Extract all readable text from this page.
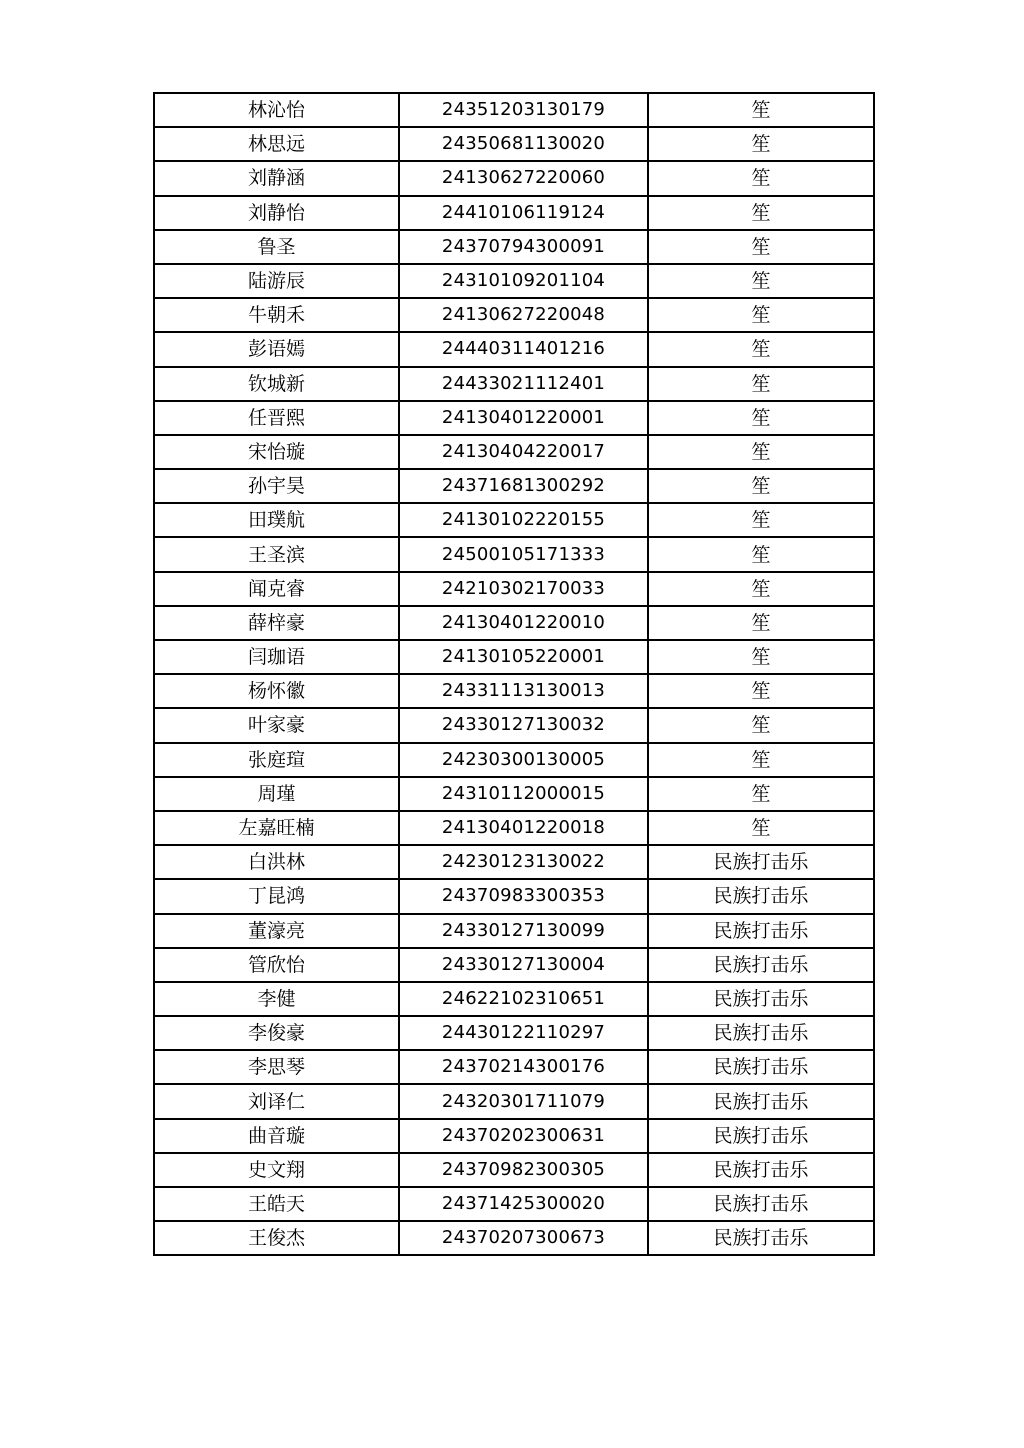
林沁怡	24351203130179	笙
林思远	24350681130020	笙
刘静涵	24130627220060	笙
刘静怡	24410106119124	笙
鲁圣	24370794300091	笙
陆游辰	24310109201104	笙
牛朝禾	24130627220048	笙
彭语嫣	24440311401216	笙
钦城新	24433021112401	笙
任晋熙	24130401220001	笙
宋怡璇	24130404220017	笙
孙宇昊	24371681300292	笙
田璞航	24130102220155	笙
王圣滨	24500105171333	笙
闻克睿	24210302170033	笙
薛梓豪	24130401220010	笙
闫珈语	24130105220001	笙
杨怀徽	24331113130013	笙
叶家豪	24330127130032	笙
张庭瑄	24230300130005	笙
周瑾	24310112000015	笙
左嘉旺楠	24130401220018	笙
白洪林	24230123130022	民族打击乐
丁昆鸿	24370983300353	民族打击乐
董濠亮	24330127130099	民族打击乐
管欣怡	24330127130004	民族打击乐
李健	24622102310651	民族打击乐
李俊豪	24430122110297	民族打击乐
李思琴	24370214300176	民族打击乐
刘译仁	24320301711079	民族打击乐
曲音璇	24370202300631	民族打击乐
史文翔	24370982300305	民族打击乐
王皓天	24371425300020	民族打击乐
王俊杰	24370207300673	民族打击乐
